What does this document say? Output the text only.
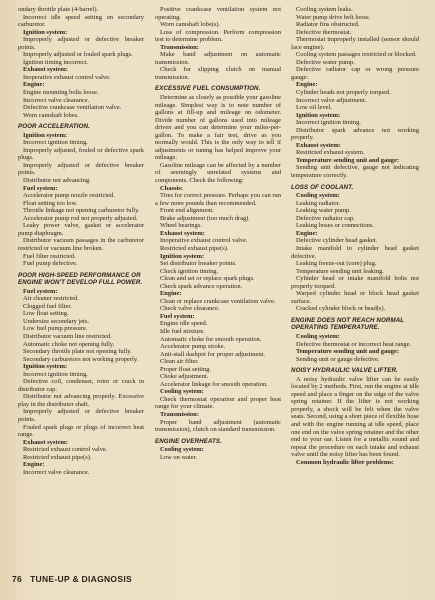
ondary throttle plate (4-barrel).

Incorrect idle speed setting on secondary carburetor.

Ignition system:

Improperly adjusted or defective breaker points.

Improperly adjusted or fouled spark plugs.

Ignition timing incorrect.

Exhaust system:

Inoperative exhaust control valve.

Engine:

Engine mounting bolts loose.

Incorrect valve clearance.

Defective crankcase ventilation valve.

Worn camshaft lobes.

POOR ACCELERATION.

Ignition system:

Incorrect ignition timing.

Improperly adjusted, fouled or defective spark plugs.

Improperly adjusted or defective breaker points.

Distributor not advancing.

Fuel system:

Accelerator pump nozzle restricted.

Float setting too low.

Throttle linkage not opening carburetor fully.

Accelerator pump rod not properly adjusted.

Leaky power valve, gasket or accelerator pump diaphragm.

Distributor vacuum passages in the carburetor restricted or vacuum line broken.

Fuel filter restricted.

Fuel pump defective.

POOR HIGH-SPEED PERFORMANCE OR ENGINE WON'T DEVELOP FULL POWER.

Fuel system:

Air cleaner restricted.

Clogged fuel filter.

Low float setting.

Undersize secondary jets.

Low fuel pump pressure.

Distributor vacuum line restricted.

Automatic choke not opening fully.

Secondary throttle plate not opening fully.

Secondary carburetors not working properly.

Ignition system:

Incorrect ignition timing.

Defective coil, condenser, rotor or crack in distributor cap.

Distributor not advancing properly. Excessive play in the distributor shaft.

Improperly adjusted or defective breaker points.

Fouled spark plugs or plugs of incorrect heat range.

Exhaust system:

Restricted exhaust control valve.

Restricted exhaust pipe(s).

Engine:

Incorrect valve clearance.

Positive crankcase ventilation system not operating.

Worn camshaft lobe(s).

Loss of compression. Perform compression test to determine problem.

Transmission:

Make band adjustment on automatic transmission.

Check for slipping clutch on manual transmission.

EXCESSIVE FUEL CONSUMPTION.

Determine as closely as possible your gasoline mileage. Simplest way is to note number of gallons at fill-up and mileage on odometer. Divide number of gallons used into mileage driven and you can determine your miles-per-gallon. To make a fair test, drive as you normally would. This is the only way to tell if adjustments or tuning has helped improve your mileage.

Gasoline mileage can be affected by a number of seemingly unrelated systems and components. Check the following:

Chassis:

Tires for correct pressure. Perhaps you can run a few more pounds than recommended.

Front end alignment.

Brake adjustment (too much drag).

Wheel bearings.

Exhaust system:

Inoperative exhaust control valve.

Restricted exhaust pipe(s).

Ignition system:

Set distributor breaker points.

Check ignition timing.

Clean and set or replace spark plugs.

Check spark advance operation.

Engine:

Clean or replace crankcase ventilation valve.

Check valve clearance.

Fuel system:

Engine idle speed.

Idle fuel mixture.

Automatic choke for smooth operation.

Accelerator pump stroke.

Anti-stall dashpot for proper adjustment.

Clean air filter.

Proper float setting.

Choke adjustment.

Accelerator linkage for smooth operation.

Cooling system:

Check thermostat operation and proper heat range for your climate.

Transmission:

Proper band adjustment (automatic transmission), clutch on standard transmission.

ENGINE OVERHEATS.

Cooling system:

Low on water.

Cooling system leaks.

Water pump drive belt loose.

Radiator fins obstructed.

Defective thermostat.

Thermostat improperly installed (sensor should face engine).

Cooling system passages restricted or blocked.

Defective water pump.

Defective radiator cap or wrong pressure gauge:

Engine:

Cylinder heads not properly torqued.

Incorrect valve adjustment.

Low oil level.

Ignition system:

Incorrect ignition timing.

Distributor spark advance not working properly.

Exhaust system:

Restricted exhaust system.

Temperature sending unit and gauge:

Sending unit defective, gauge not indicating temperature correctly.

LOSS OF COOLANT.

Cooling system:

Leaking radiator.

Leaking water pump.

Defective radiator cap.

Leaking hoses or connections.

Engine:

Defective cylinder head gasket.

Intake manifold to cylinder head gasket defective.

Leaking freeze-out (core) plug.

Temperature sending unit leaking.

Cylinder head or intake manifold bolts not properly torqued.

Warped cylinder head or block head gasket surface.

Cracked cylinder block or head(s).

ENGINE DOES NOT REACH NORMAL OPERATING TEMPERATURE.

Cooling system:

Defective thermostat or incorrect heat range.

Temperature sending unit and gauge:

Sending unit or gauge defective.

NOISY HYDRAULIC VALVE LIFTER.

A noisy hydraulic valve lifter can be easily located by 2 methods. First, run the engine at idle speed and place a finger on the edge of the valve spring retainer. If the lifter is not working properly, a shock will be felt when the valve seats. Second, using a short piece of flexible hose and with the engine running at idle speed, place one end on the valve spring retainer and the other end to your ear. Listen for a metallic sound and repeat the procedure on each intake and exhaust valve until the noisy lifter has been found.

Common hydraulic lifter problems:

76 TUNE-UP & DIAGNOSIS
